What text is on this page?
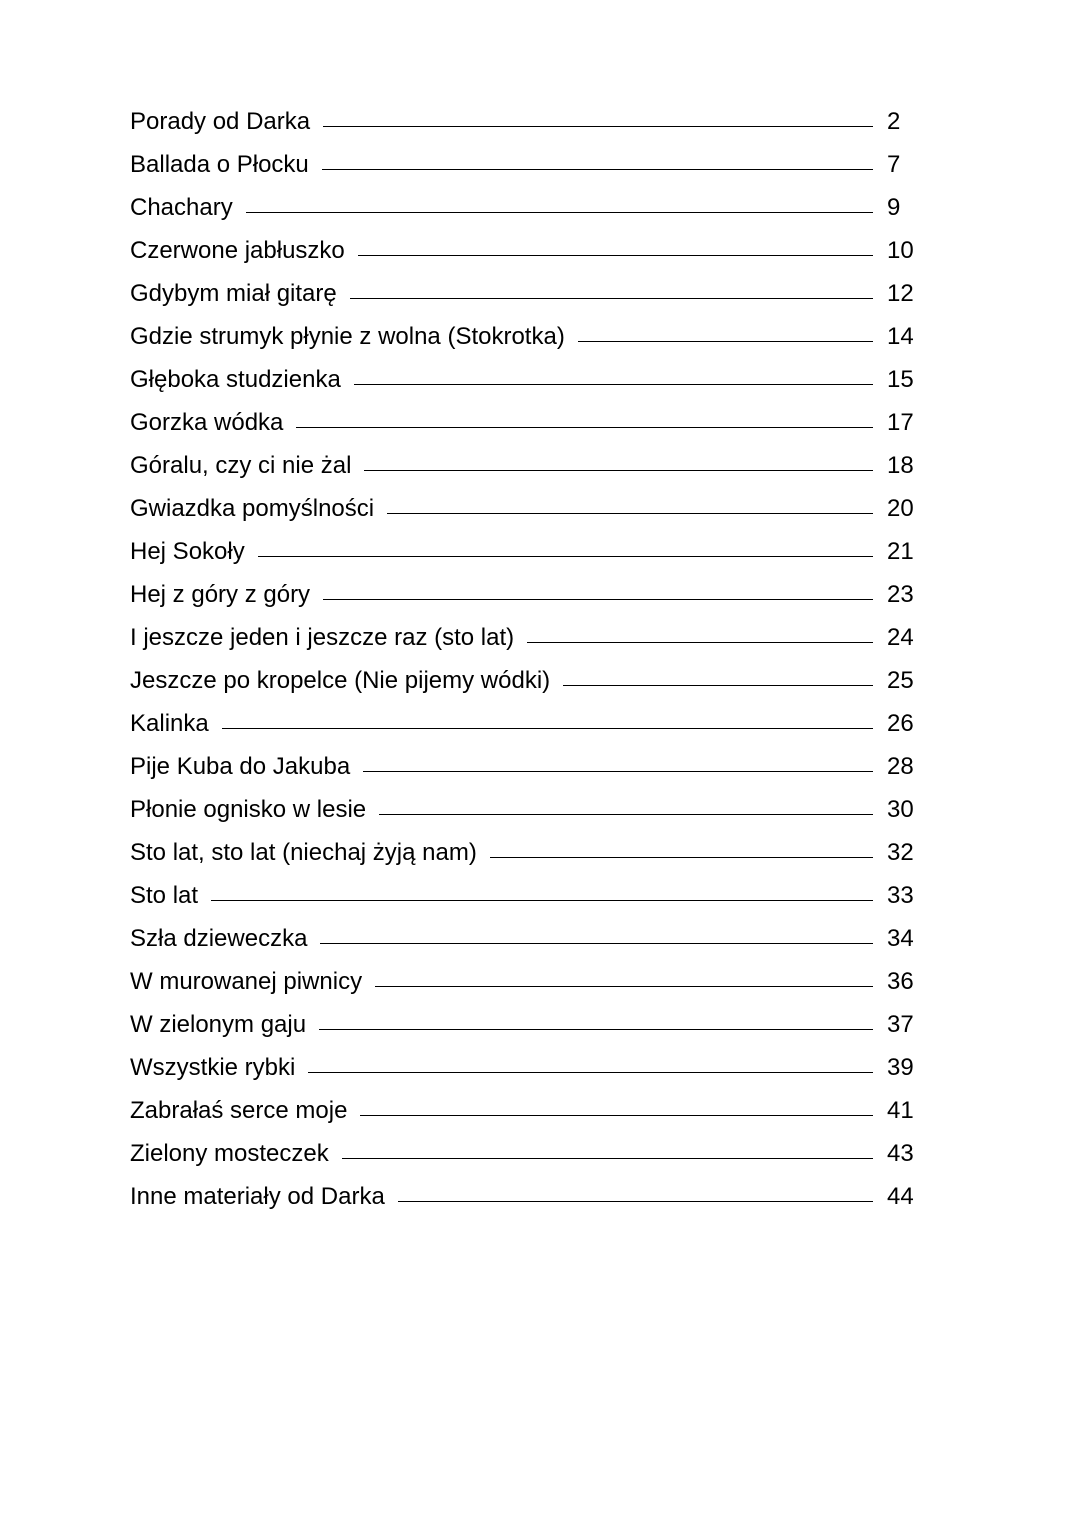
Porady od Darka	2
Ballada o Płocku	7
Chachary	9
Czerwone jabłuszko	10
Gdybym miał gitarę	12
Gdzie strumyk płynie z wolna (Stokrotka)	14
Głęboka studzienka	15
Gorzka wódka	17
Góralu, czy ci nie żal	18
Gwiazdka pomyślności	20
Hej Sokoły	21
Hej z góry z góry	23
I jeszcze jeden i jeszcze raz (sto lat)	24
Jeszcze po kropelce (Nie pijemy wódki)	25
Kalinka	26
Pije Kuba do Jakuba	28
Płonie ognisko w lesie	30
Sto lat, sto lat (niechaj żyją nam)	32
Sto lat	33
Szła dzieweczka	34
W murowanej piwnicy	36
W zielonym gaju	37
Wszystkie rybki	39
Zabrałaś serce moje	41
Zielony mosteczek	43
Inne materiały od Darka	44
